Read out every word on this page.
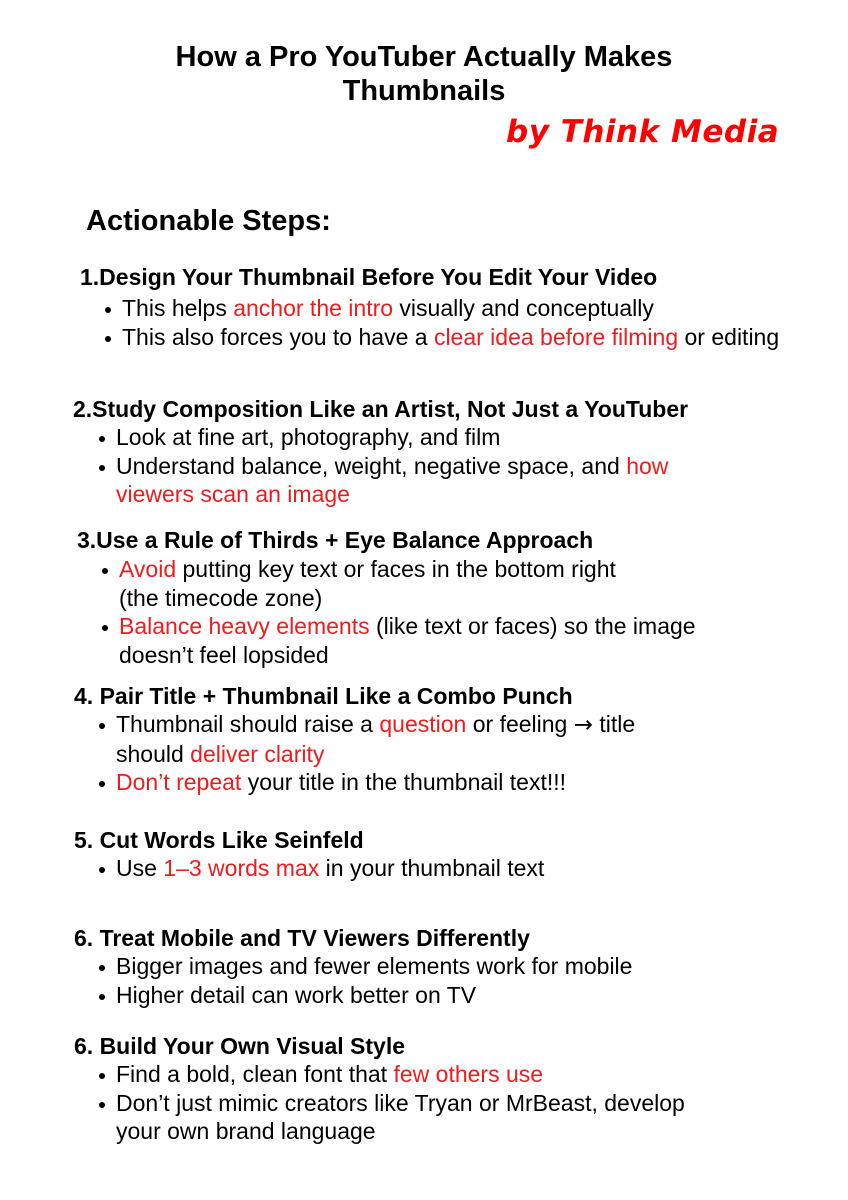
How a Pro YouTuber Actually Makes
Thumbnails
by Think Media
Actionable Steps:
1.Design Your Thumbnail Before You Edit Your Video
This helps anchor the intro visually and conceptually
This also forces you to have a clear idea before filming or editing
2.Study Composition Like an Artist, Not Just a YouTuber
Look at fine art, photography, and film
Understand balance, weight, negative space, and how viewers scan an image
3.Use a Rule of Thirds + Eye Balance Approach
Avoid putting key text or faces in the bottom right
(the timecode zone)
Balance heavy elements (like text or faces) so the image
doesn’t feel lopsided
4. Pair Title + Thumbnail Like a Combo Punch
Thumbnail should raise a question or feeling → title
should deliver clarity
Don’t repeat your title in the thumbnail text!!!
5. Cut Words Like Seinfeld
Use 1–3 words max in your thumbnail text
6. Treat Mobile and TV Viewers Differently
Bigger images and fewer elements work for mobile
Higher detail can work better on TV
6. Build Your Own Visual Style
Find a bold, clean font that few others use
Don’t just mimic creators like Tryan or MrBeast, develop
your own brand language
